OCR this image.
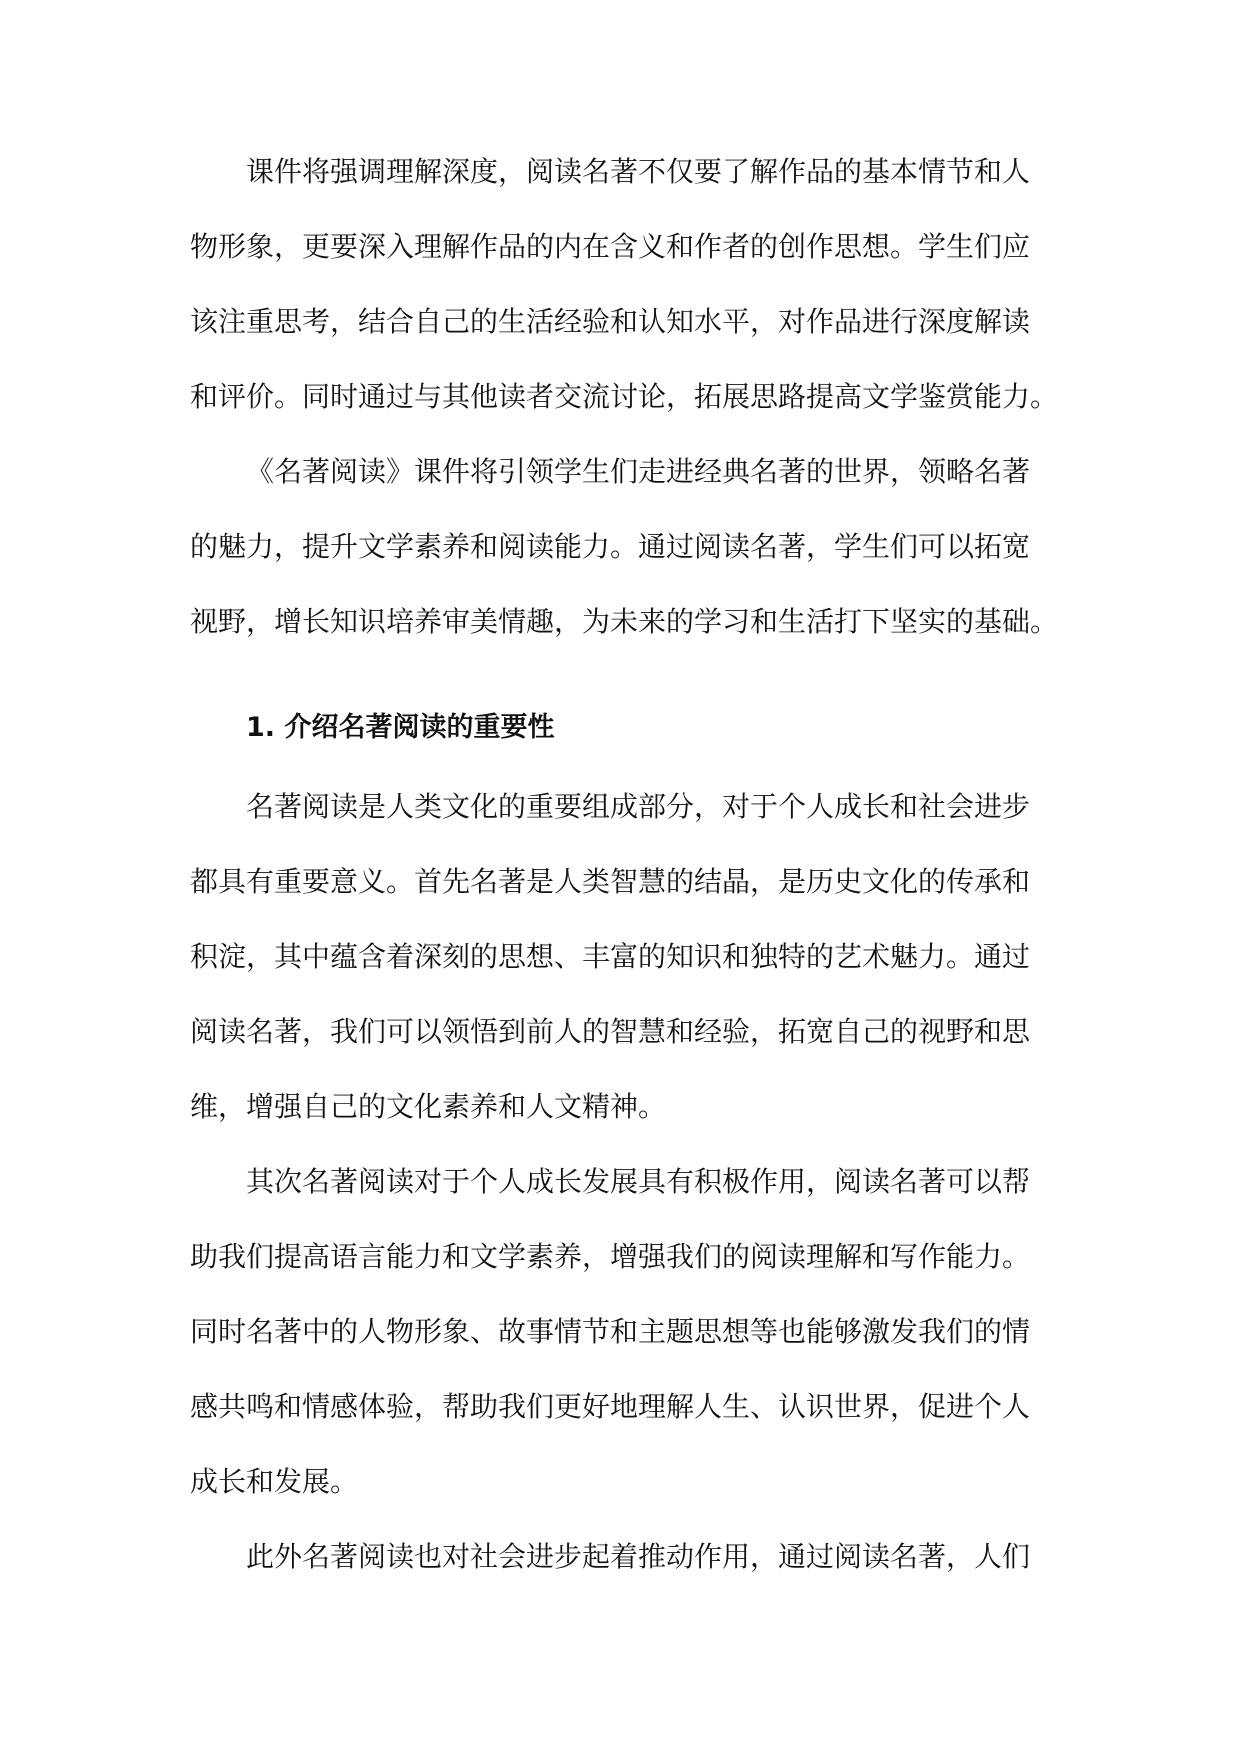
课件将强调理解深度，阅读名著不仅要了解作品的基本情节和人

物形象，更要深入理解作品的内在含义和作者的创作思想。学生们应

该注重思考，结合自己的生活经验和认知水平，对作品进行深度解读

和评价。同时通过与其他读者交流讨论，拓展思路提高文学鉴赏能力。

《名著阅读》课件将引领学生们走进经典名著的世界，领略名著

的魅力，提升文学素养和阅读能力。通过阅读名著，学生们可以拓宽

视野，增长知识培养审美情趣，为未来的学习和生活打下坚实的基础。

1. 介绍名著阅读的重要性

名著阅读是人类文化的重要组成部分，对于个人成长和社会进步

都具有重要意义。首先名著是人类智慧的结晶，是历史文化的传承和

积淀，其中蕴含着深刻的思想、丰富的知识和独特的艺术魅力。通过

阅读名著，我们可以领悟到前人的智慧和经验，拓宽自己的视野和思

维，增强自己的文化素养和人文精神。

其次名著阅读对于个人成长发展具有积极作用，阅读名著可以帮

助我们提高语言能力和文学素养，增强我们的阅读理解和写作能力。

同时名著中的人物形象、故事情节和主题思想等也能够激发我们的情

感共鸣和情感体验，帮助我们更好地理解人生、认识世界，促进个人

成长和发展。

此外名著阅读也对社会进步起着推动作用，通过阅读名著，人们
